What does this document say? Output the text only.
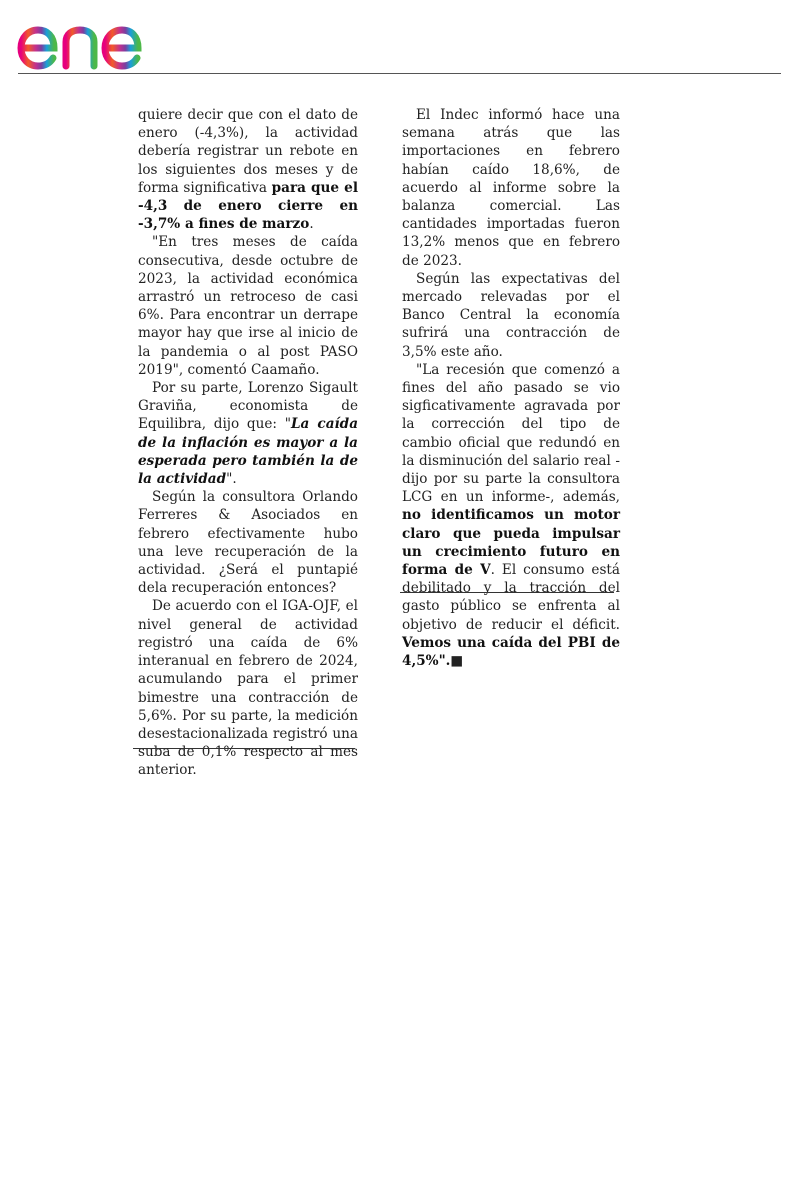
enel

quiere decir que con el dato de enero (-4,3%), la actividad debería registrar un rebote en los siguientes dos meses y de forma significativa para que el -4,3 de enero cierre en -3,7% a fines de marzo.

"En tres meses de caída consecutiva, desde octubre de 2023, la actividad económica arrastró un retroceso de casi 6%. Para encontrar un derrape mayor hay que irse al inicio de la pandemia o al post PASO 2019", comentó Caamaño.

Por su parte, Lorenzo Sigault Graviña, economista de Equilibra, dijo que: "La caída de la inflación es mayor a la esperada pero también la de la actividad".

Según la consultora Orlando Ferreres & Asociados en febrero efectivamente hubo una leve recuperación de la actividad. ¿Será el puntapié dela recuperación entonces?

De acuerdo con el IGA-OJF, el nivel general de actividad registró una caída de 6% interanual en febrero de 2024, acumulando para el primer bimestre una contracción de 5,6%. Por su parte, la medición desestacionalizada registró una suba de 0,1% respecto al mes anterior.

El Indec informó hace una semana atrás que las importaciones en febrero habían caído 18,6%, de acuerdo al informe sobre la balanza comercial. Las cantidades importadas fueron 13,2% menos que en febrero de 2023.

Según las expectativas del mercado relevadas por el Banco Central la economía sufrirá una contracción de 3,5% este año.

"La recesión que comenzó a fines del año pasado se vio sigficativamente agravada por la corrección del tipo de cambio oficial que redundó en la disminución del salario real -dijo por su parte la consultora LCG en un informe-, además, no identificamos un motor claro que pueda impulsar un crecimiento futuro en forma de V. El consumo está debilitado y la tracción del gasto público se enfrenta al objetivo de reducir el déficit. Vemos una caída del PBI de 4,5%".■
